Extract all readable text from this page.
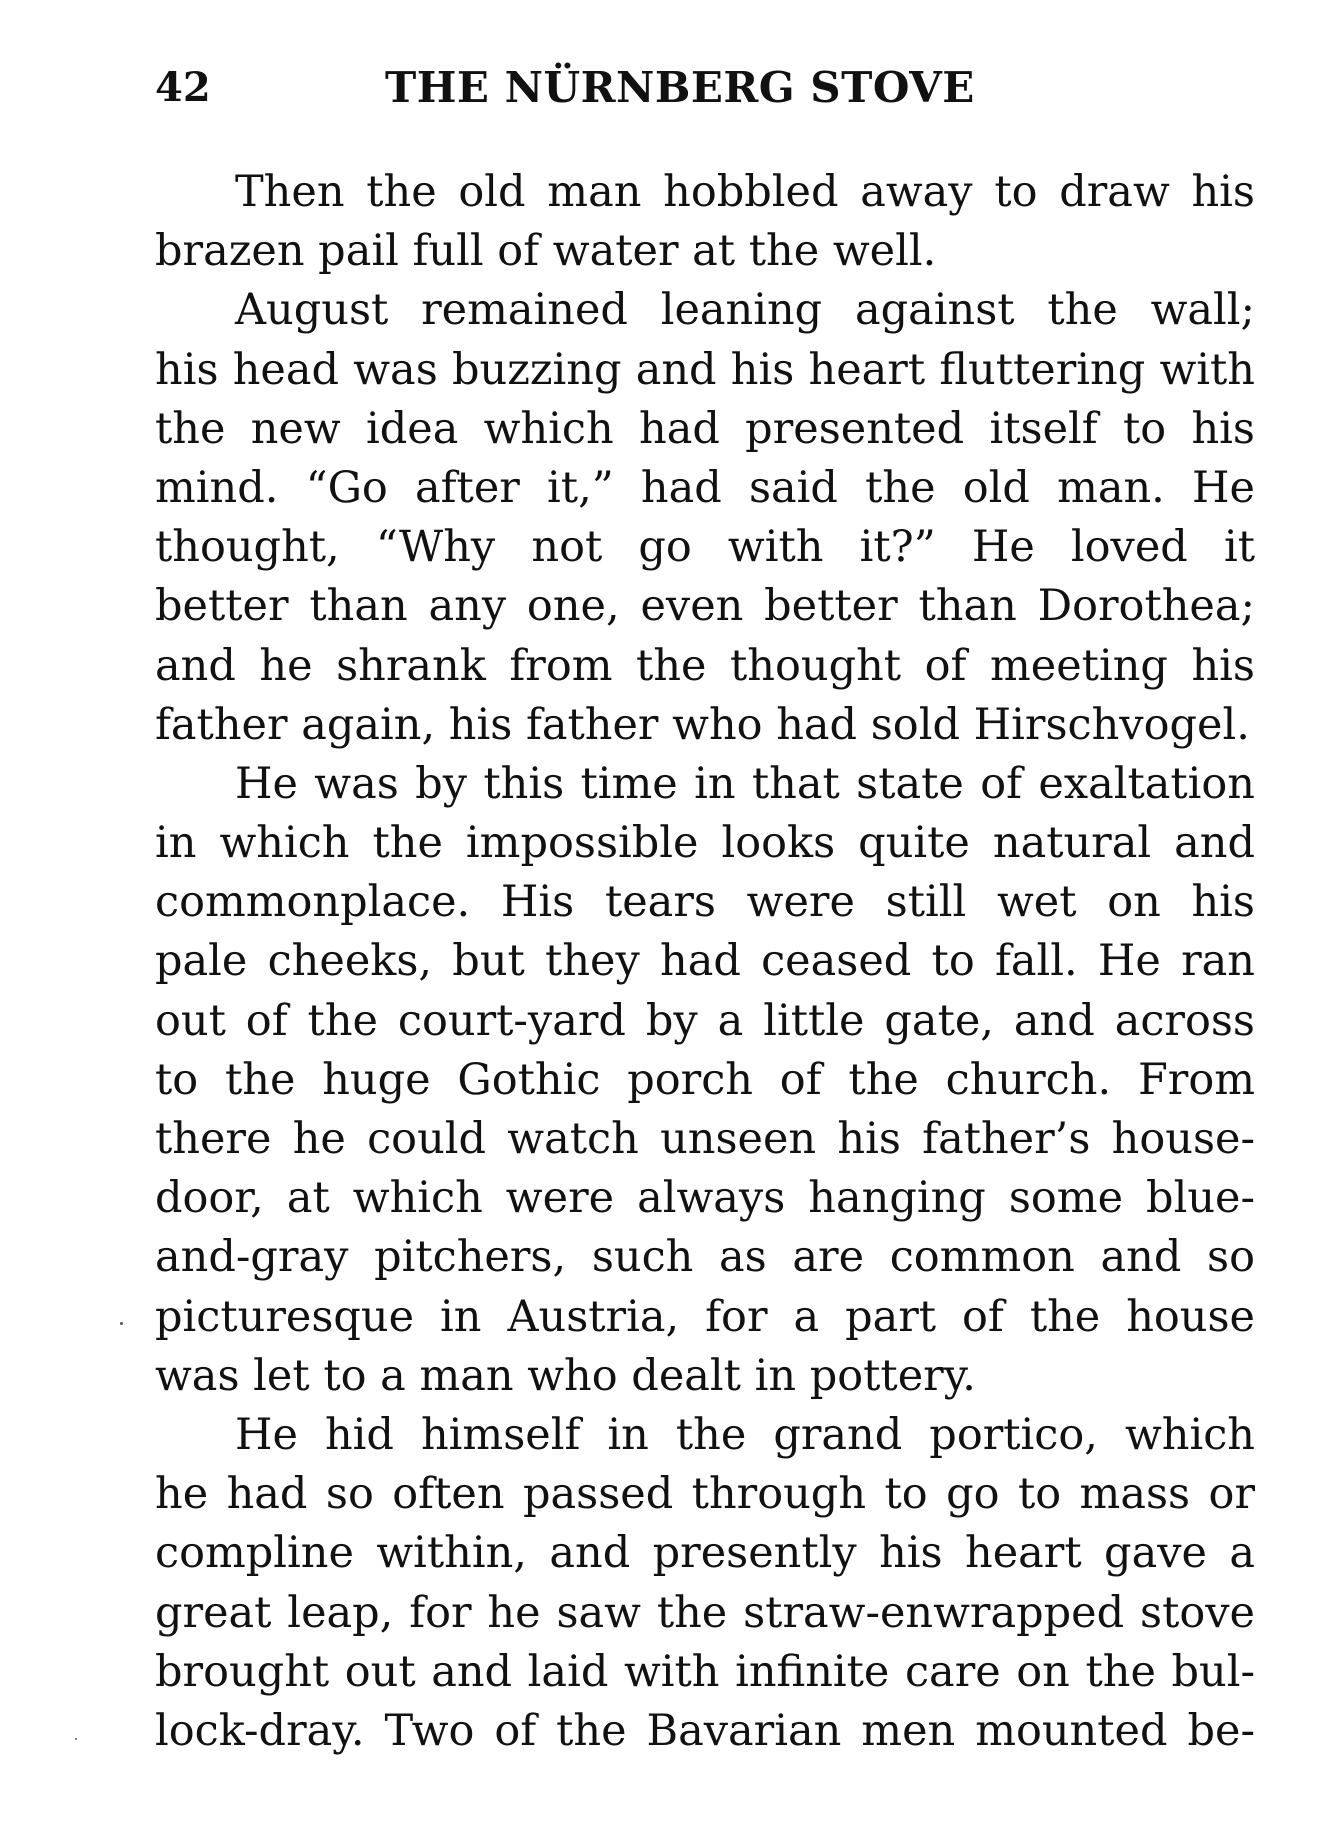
42	THE NÜRNBERG STOVE
Then the old man hobbled away to draw his
brazen pail full of water at the well.
August remained leaning against the wall;
his head was buzzing and his heart fluttering with
the new idea which had presented itself to his
mind. “Go after it,” had said the old man. He
thought, “Why not go with it?” He loved it
better than any one, even better than Dorothea;
and he shrank from the thought of meeting his
father again, his father who had sold Hirschvogel.
He was by this time in that state of exaltation
in which the impossible looks quite natural and
commonplace. His tears were still wet on his
pale cheeks, but they had ceased to fall. He ran
out of the court-yard by a little gate, and across
to the huge Gothic porch of the church. From
there he could watch unseen his father’s house-
door, at which were always hanging some blue-
and-gray pitchers, such as are common and so
picturesque in Austria, for a part of the house
was let to a man who dealt in pottery.
He hid himself in the grand portico, which
he had so often passed through to go to mass or
compline within, and presently his heart gave a
great leap, for he saw the straw-enwrapped stove
brought out and laid with infinite care on the bul-
lock-dray. Two of the Bavarian men mounted be-
